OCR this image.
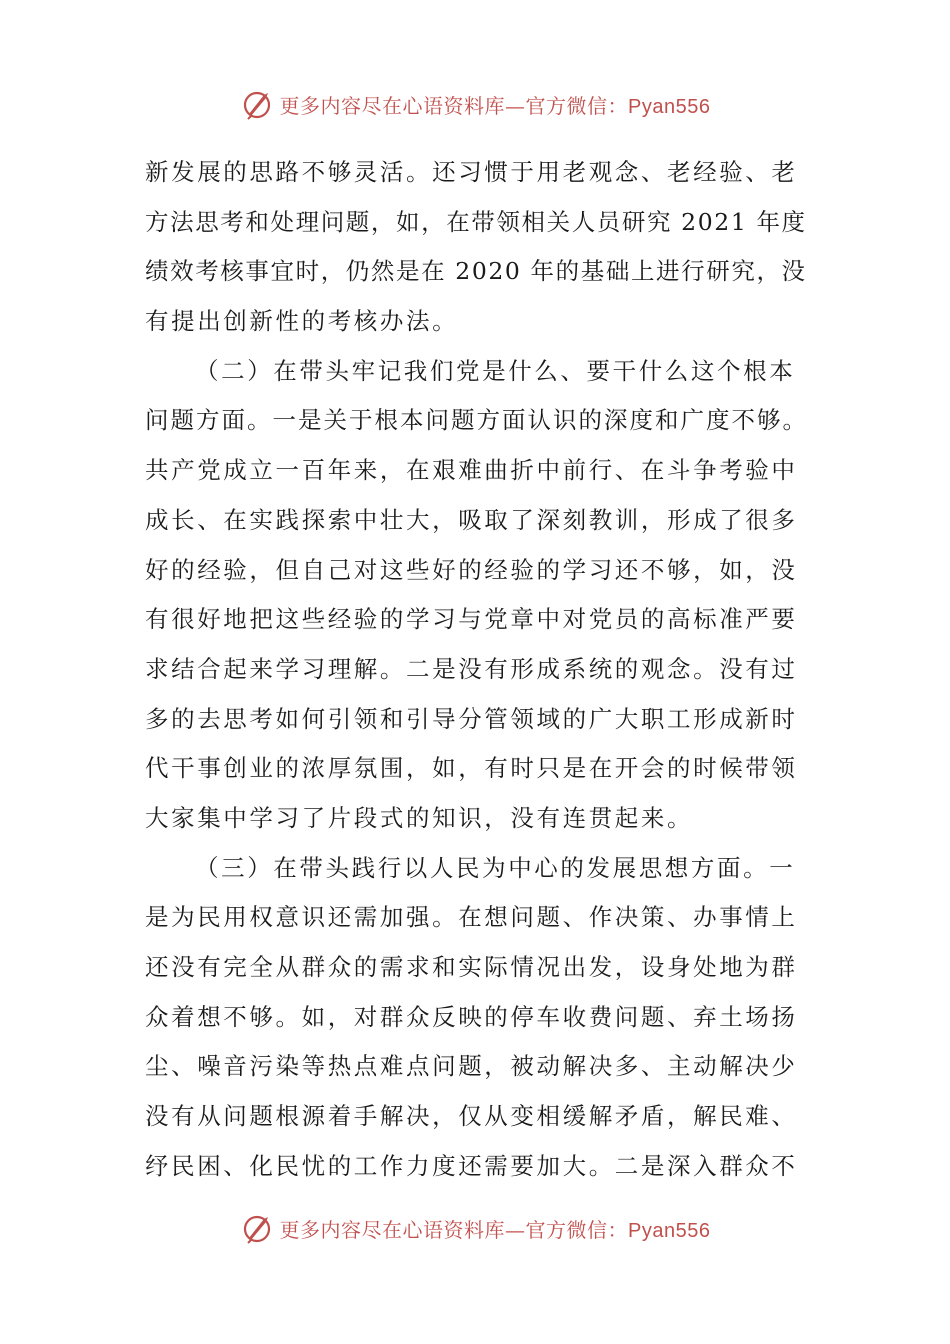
更多内容尽在心语资料库—官方微信：Pyan556
新发展的思路不够灵活。还习惯于用老观念、老经验、老
方法思考和处理问题，如，在带领相关人员研究 2021 年度
绩效考核事宜时，仍然是在 2020 年的基础上进行研究，没
有提出创新性的考核办法。
（二）在带头牢记我们党是什么、要干什么这个根本
问题方面。一是关于根本问题方面认识的深度和广度不够。
共产党成立一百年来，在艰难曲折中前行、在斗争考验中
成长、在实践探索中壮大，吸取了深刻教训，形成了很多
好的经验，但自己对这些好的经验的学习还不够，如，没
有很好地把这些经验的学习与党章中对党员的高标准严要
求结合起来学习理解。二是没有形成系统的观念。没有过
多的去思考如何引领和引导分管领域的广大职工形成新时
代干事创业的浓厚氛围，如，有时只是在开会的时候带领
大家集中学习了片段式的知识，没有连贯起来。
（三）在带头践行以人民为中心的发展思想方面。一
是为民用权意识还需加强。在想问题、作决策、办事情上
还没有完全从群众的需求和实际情况出发，设身处地为群
众着想不够。如，对群众反映的停车收费问题、弃土场扬
尘、噪音污染等热点难点问题，被动解决多、主动解决少
没有从问题根源着手解决，仅从变相缓解矛盾，解民难、
纾民困、化民忧的工作力度还需要加大。二是深入群众不
更多内容尽在心语资料库—官方微信：Pyan556
